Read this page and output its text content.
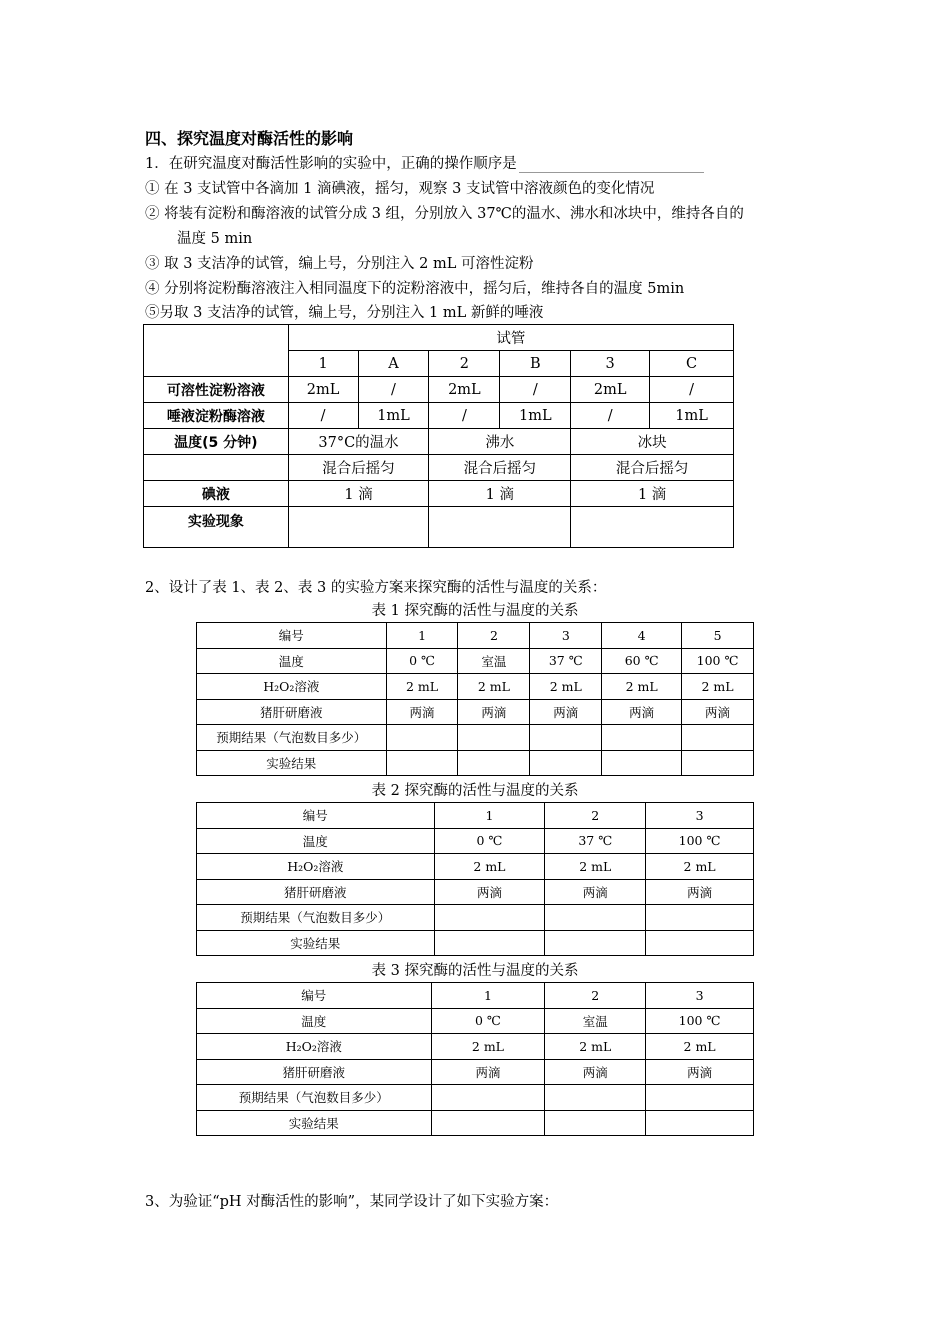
四、探究温度对酶活性的影响
1．在研究温度对酶活性影响的实验中，正确的操作顺序是
① 在 3 支试管中各滴加 1 滴碘液，摇匀，观察 3 支试管中溶液颜色的变化情况
② 将装有淀粉和酶溶液的试管分成 3 组，分别放入 37℃的温水、沸水和冰块中，维持各自的
温度 5 min
③ 取 3 支洁净的试管，编上号，分别注入 2 mL 可溶性淀粉
④ 分别将淀粉酶溶液注入相同温度下的淀粉溶液中，摇匀后，维持各自的温度 5min
⑤另取 3 支洁净的试管，编上号，分别注入 1 mL 新鲜的唾液
	试管					
	1	A	2	B	3	C
可溶性淀粉溶液	2mL	/	2mL	/	2mL	/
唾液淀粉酶溶液	/	1mL	/	1mL	/	1mL
温度(5 分钟)	37°C的温水		沸水		冰块	
	混合后摇匀		混合后摇匀		混合后摇匀	
碘液	1 滴		1 滴		1 滴	
实验现象						
2、设计了表 1、表 2、表 3 的实验方案来探究酶的活性与温度的关系：
表 1 探究酶的活性与温度的关系
编号	1	2	3	4	5
温度	0 ℃	室温	37 ℃	60 ℃	100 ℃
H₂O₂溶液	2 mL	2 mL	2 mL	2 mL	2 mL
猪肝研磨液	两滴	两滴	两滴	两滴	两滴
预期结果（气泡数目多少）					
实验结果					
表 2 探究酶的活性与温度的关系
编号	1	2	3
温度	0 ℃	37 ℃	100 ℃
H₂O₂溶液	2 mL	2 mL	2 mL
猪肝研磨液	两滴	两滴	两滴
预期结果（气泡数目多少）			
实验结果			
表 3 探究酶的活性与温度的关系
编号	1	2	3
温度	0 ℃	室温	100 ℃
H₂O₂溶液	2 mL	2 mL	2 mL
猪肝研磨液	两滴	两滴	两滴
预期结果（气泡数目多少）			
实验结果			
3、为验证“pH 对酶活性的影响”，某同学设计了如下实验方案：
